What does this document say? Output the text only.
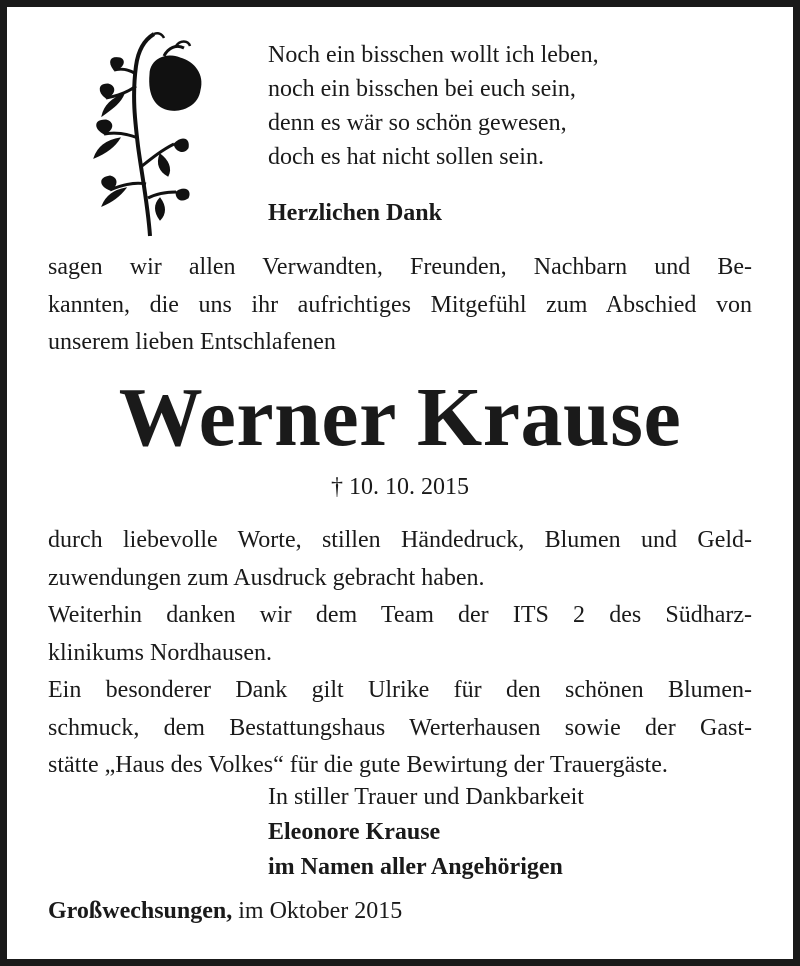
Noch ein bisschen wollt ich leben,
noch ein bisschen bei euch sein,
denn es wär so schön gewesen,
doch es hat nicht sollen sein.
Herzlichen Dank
sagen wir allen Verwandten, Freunden, Nachbarn und Be-
kannten, die uns ihr aufrichtiges Mitgefühl zum Abschied von
unserem lieben Entschlafenen
Werner Krause
† 10. 10. 2015
durch liebevolle Worte, stillen Händedruck, Blumen und Geld-
zuwendungen zum Ausdruck gebracht haben.
Weiterhin danken wir dem Team der ITS 2 des Südharz-
klinikums Nordhausen.
Ein besonderer Dank gilt Ulrike für den schönen Blumen-
schmuck, dem Bestattungshaus Werterhausen sowie der Gast-
stätte „Haus des Volkes“ für die gute Bewirtung der Trauergäste.
In stiller Trauer und Dankbarkeit
Eleonore Krause
im Namen aller Angehörigen
Großwechsungen, im Oktober 2015
